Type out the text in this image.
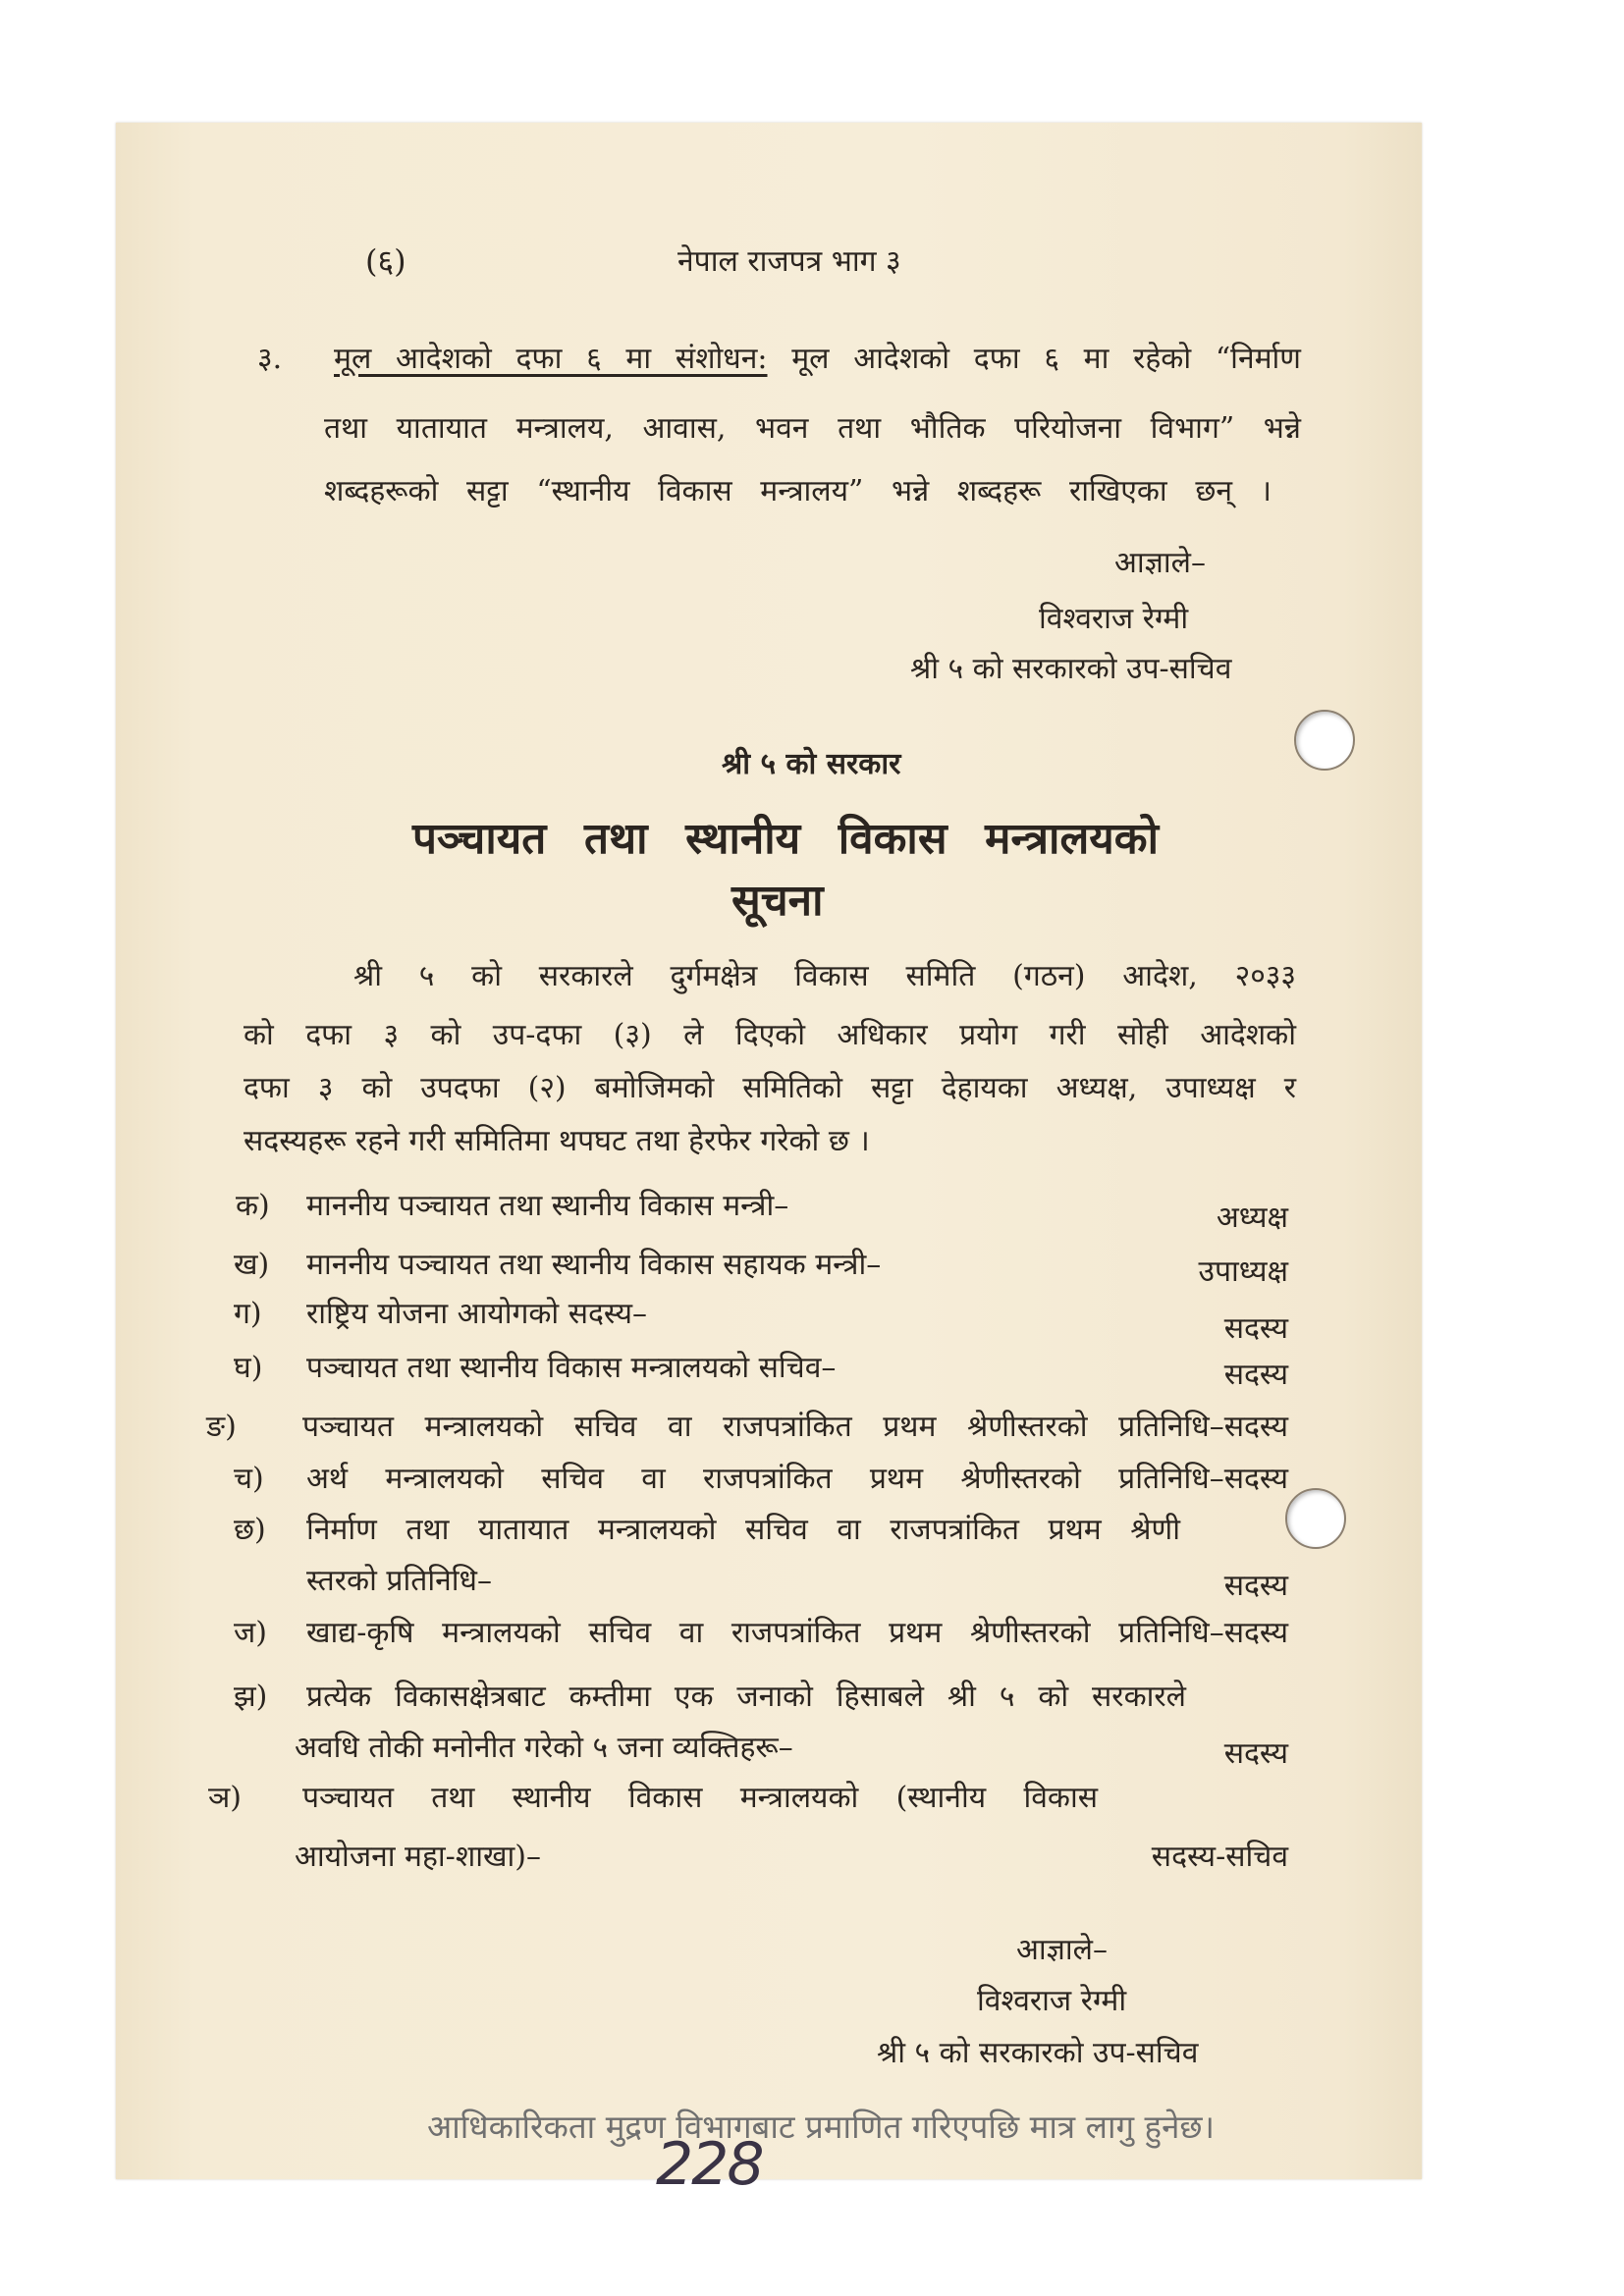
(६)	नेपाल राजपत्र भाग ३
३. मूल आदेशको दफा ६ मा संशोधन: मूल आदेशको दफा ६ मा रहेको “निर्माण
तथा यातायात मन्त्रालय, आवास, भवन तथा भौतिक परियोजना विभाग” भन्ने
शब्दहरूको सट्टा “स्थानीय विकास मन्त्रालय” भन्ने शब्दहरू राखिएका छन् ।
आज्ञाले–
विश्वराज रेग्मी
श्री ५ को सरकारको उप-सचिव
श्री ५ को सरकार
पञ्चायत तथा स्थानीय विकास मन्त्रालयको
सूचना
श्री ५ को सरकारले दुर्गमक्षेत्र विकास समिति (गठन) आदेश, २०३३
को दफा ३ को उप-दफा (३) ले दिएको अधिकार प्रयोग गरी सोही आदेशको
दफा ३ को उपदफा (२) बमोजिमको समितिको सट्टा देहायका अध्यक्ष, उपाध्यक्ष र
सदस्यहरू रहने गरी समितिमा थपघट तथा हेरफेर गरेको छ ।
क) माननीय पञ्चायत तथा स्थानीय विकास मन्त्री–	अध्यक्ष
ख) माननीय पञ्चायत तथा स्थानीय विकास सहायक मन्त्री–	उपाध्यक्ष
ग) राष्ट्रिय योजना आयोगको सदस्य–	सदस्य
घ) पञ्चायत तथा स्थानीय विकास मन्त्रालयको सचिव–	सदस्य
ङ) पञ्चायत मन्त्रालयको सचिव वा राजपत्रांकित प्रथम श्रेणीस्तरको प्रतिनिधि–सदस्य
च) अर्थ मन्त्रालयको सचिव वा राजपत्रांकित प्रथम श्रेणीस्तरको प्रतिनिधि–सदस्य
छ) निर्माण तथा यातायात मन्त्रालयको सचिव वा राजपत्रांकित प्रथम श्रेणी
स्तरको प्रतिनिधि–	सदस्य
ज) खाद्य-कृषि मन्त्रालयको सचिव वा राजपत्रांकित प्रथम श्रेणीस्तरको प्रतिनिधि–सदस्य
झ) प्रत्येक विकासक्षेत्रबाट कम्तीमा एक जनाको हिसाबले श्री ५ को सरकारले
अवधि तोकी मनोनीत गरेको ५ जना व्यक्तिहरू–	सदस्य
ञ) पञ्चायत तथा स्थानीय विकास मन्त्रालयको (स्थानीय विकास
आयोजना महा-शाखा)–	सदस्य-सचिव
आज्ञाले–
विश्वराज रेग्मी
श्री ५ को सरकारको उप-सचिव
आधिकारिकता मुद्रण विभागबाट प्रमाणित गरिएपछि मात्र लागु हुनेछ।
228
